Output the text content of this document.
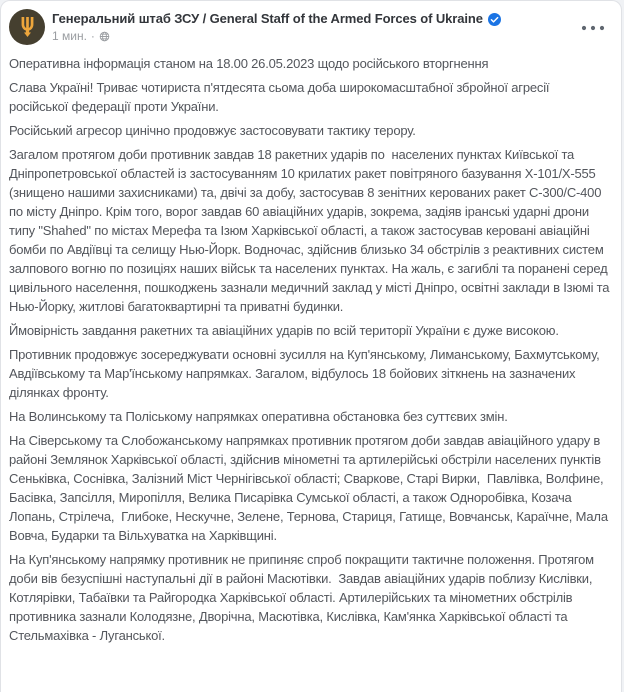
Генеральний штаб ЗСУ / General Staff of the Armed Forces of Ukraine
1 мин. ·

Оперативна інформація станом на 18.00 26.05.2023 щодо російського вторгнення

Слава Україні! Триває чотириста п'ятдесята сьома доба широкомасштабної збройної агресії російської федерації проти України.

Російський агресор цинічно продовжує застосовувати тактику терору.

Загалом протягом доби противник завдав 18 ракетних ударів по  населених пунктах Київської та Дніпропетровської областей із застосуванням 10 крилатих ракет повітряного базування Х-101/Х-555 (знищено нашими захисниками) та, двічі за добу, застосував 8 зенітних керованих ракет С-300/С-400 по місту Дніпро. Крім того, ворог завдав 60 авіаційних ударів, зокрема, задіяв іранські ударні дрони типу "Shahed" по містах Мерефа та Ізюм Харківської області, а також застосував керовані авіаційні бомби по Авдіївці та селищу Нью-Йорк. Водночас, здійснив близько 34 обстрілів з реактивних систем залпового вогню по позиціях наших військ та населених пунктах. На жаль, є загиблі та поранені серед цивільного населення, пошкоджень зазнали медичний заклад у місті Дніпро, освітні заклади в Ізюмі та Нью-Йорку, житлові багатоквартирні та приватні будинки.

Ймовірність завдання ракетних та авіаційних ударів по всій території України є дуже високою.

Противник продовжує зосереджувати основні зусилля на Куп'янському, Лиманському, Бахмутському, Авдіївському та Мар'їнському напрямках. Загалом, відбулось 18 бойових зіткнень на зазначених ділянках фронту.

На Волинському та Поліському напрямках оперативна обстановка без суттєвих змін.

На Сіверському та Слобожанському напрямках противник протягом доби завдав авіаційного удару в районі Землянок Харківської області, здійснив мінометні та артилерійські обстріли населених пунктів Сеньківка, Соснівка, Залізний Міст Чернігівської області; Сваркове, Старі Вирки,  Павлівка, Волфине, Басівка, Запсілля, Миропілля, Велика Писарівка Сумської області, а також Одноробівка, Козача Лопань, Стрілеча,  Глибоке, Нескучне, Зелене, Тернова, Стариця, Гатище, Вовчанськ, Караїчне, Мала Вовча, Бударки та Вільхуватка на Харківщині.

На Куп'янському напрямку противник не припиняє спроб покращити тактичне положення. Протягом доби вів безуспішні наступальні дії в районі Масютівки.  Завдав авіаційних ударів поблизу Кислівки, Котлярівки, Табаївки та Райгородка Харківської області. Артилерійських та мінометних обстрілів противника зазнали Колодязне, Дворічна, Масютівка, Кислівка, Кам'янка Харківської області та Стельмахівка - Луганської.
